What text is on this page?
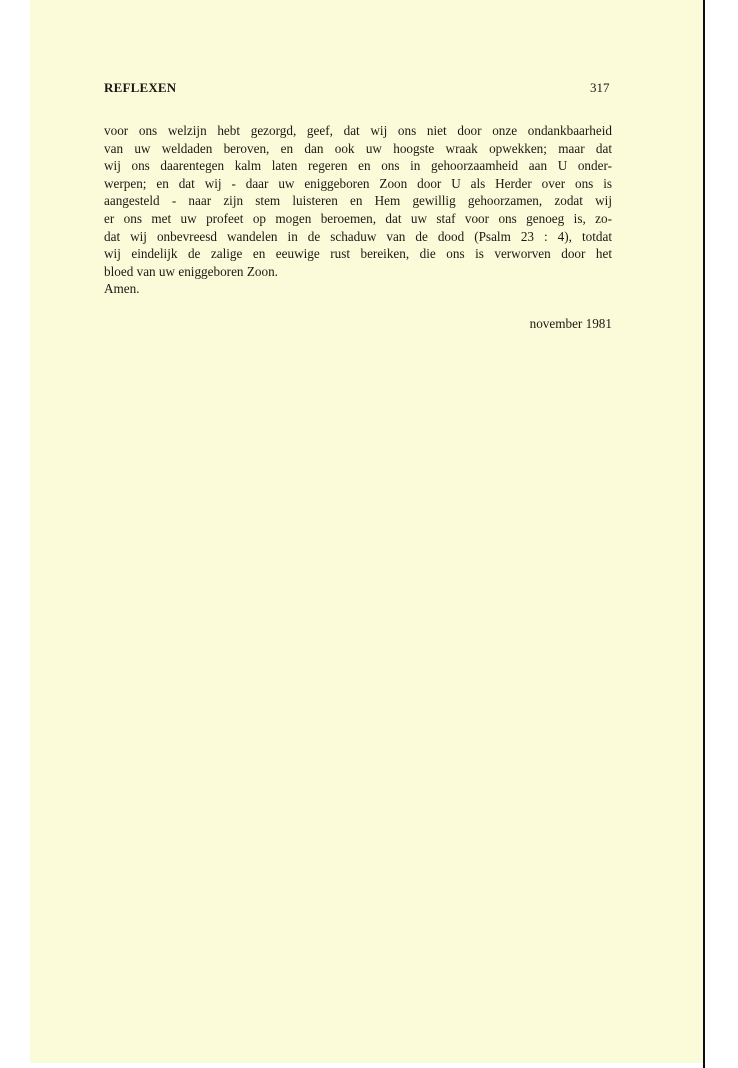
REFLEXEN	317
voor ons welzijn hebt gezorgd, geef, dat wij ons niet door onze ondankbaarheid
van uw weldaden beroven, en dan ook uw hoogste wraak opwekken; maar dat
wij ons daarentegen kalm laten regeren en ons in gehoorzaamheid aan U onder-
werpen; en dat wij - daar uw eniggeboren Zoon door U als Herder over ons is
aangesteld - naar zijn stem luisteren en Hem gewillig gehoorzamen, zodat wij
er ons met uw profeet op mogen beroemen, dat uw staf voor ons genoeg is, zo-
dat wij onbevreesd wandelen in de schaduw van de dood (Psalm 23 : 4), totdat
wij eindelijk de zalige en eeuwige rust bereiken, die ons is verworven door het
bloed van uw eniggeboren Zoon.
Amen.
november 1981
